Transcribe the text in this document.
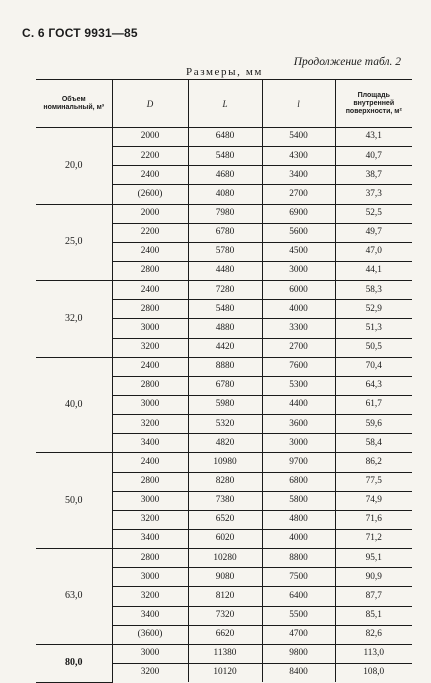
С. 6 ГОСТ 9931—85
Продолжение табл. 2
Размеры, мм
Объем номинальный, м³	D	L	l	Площадь внутренней поверхности, м²
20,0	2000	6480	5400	43,1
	2200	5480	4300	40,7
	2400	4680	3400	38,7
	(2600)	4080	2700	37,3
25,0	2000	7980	6900	52,5
	2200	6780	5600	49,7
	2400	5780	4500	47,0
	2800	4480	3000	44,1
32,0	2400	7280	6000	58,3
	2800	5480	4000	52,9
	3000	4880	3300	51,3
	3200	4420	2700	50,5
40,0	2400	8880	7600	70,4
	2800	6780	5300	64,3
	3000	5980	4400	61,7
	3200	5320	3600	59,6
	3400	4820	3000	58,4
50,0	2400	10980	9700	86,2
	2800	8280	6800	77,5
	3000	7380	5800	74,9
	3200	6520	4800	71,6
	3400	6020	4000	71,2
63,0	2800	10280	8800	95,1
	3000	9080	7500	90,9
	3200	8120	6400	87,7
	3400	7320	5500	85,1
	(3600)	6620	4700	82,6
80,0	3000	11380	9800	113,0
	3200	10120	8400	108,0
